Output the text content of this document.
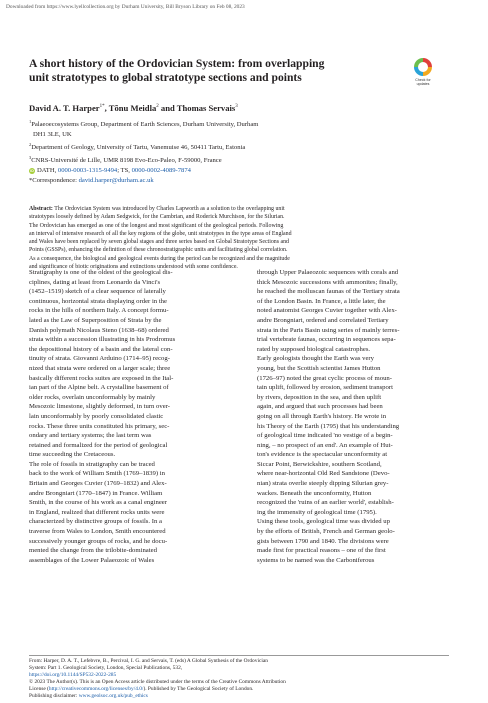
Downloaded from https://www.lyellcollection.org by Durham University, Bill Bryson Library on Feb 08, 2023
A short history of the Ordovician System: from overlapping
unit stratotypes to global stratotype sections and points	Check for
updates
David A. T. Harper$^{1*}$, Tõnu Meidla$^2$ and Thomas Servais$^3$
$^1$Palaeoecosystems Group, Department of Earth Sciences, Durham University, Durham
DH1 3LE, UK
$^2$Department of Geology, University of Tartu, Vanemuise 46, 50411 Tartu, Estonia
$^3$CNRS-Université de Lille, UMR 8198 Evo-Eco-Paleo, F-59000, France
iD DATH, 0000-0003-1315-9494; TS, 0000-0002-4089-7874
*Correspondence: david.harper@durham.ac.uk
Abstract: The Ordovician System was introduced by Charles Lapworth as a solution to the overlapping unit
stratotypes loosely defined by Adam Sedgwick, for the Cambrian, and Roderick Murchison, for the Silurian.
The Ordovician has emerged as one of the longest and most significant of the geological periods. Following
an interval of intensive research of all the key regions of the globe, unit stratotypes in the type areas of England
and Wales have been replaced by seven global stages and three series based on Global Stratotype Sections and
Points (GSSPs), enhancing the definition of these chronostratigraphic units and facilitating global correlation.
As a consequence, the biological and geological events during the period can be recognized and the magnitude
and significance of biotic originations and extinctions understood with some confidence.
Stratigraphy is one of the oldest of the geological dis-
ciplines, dating at least from Leonardo da Vinci's
(1452–1519) sketch of a clear sequence of laterally
continuous, horizontal strata displaying order in the
rocks in the hills of northern Italy. A concept formu-
lated as the Law of Superposition of Strata by the
Danish polymath Nicolaus Steno (1638–68) ordered
strata within a succession illustrating in his Prodromus
the depositional history of a basin and the lateral con-
tinuity of strata. Giovanni Arduino (1714–95) recog-
nized that strata were ordered on a larger scale; three
basically different rocks suites are exposed in the Ital-
ian part of the Alpine belt. A crystalline basement of
older rocks, overlain unconformably by mainly
Mesozoic limestone, slightly deformed, in turn over-
lain unconformably by poorly consolidated clastic
rocks. These three units constituted his primary, sec-
ondary and tertiary systems; the last term was
retained and formalized for the period of geological
time succeeding the Cretaceous.
The role of fossils in stratigraphy can be traced
back to the work of William Smith (1769–1839) in
Britain and Georges Cuvier (1769–1832) and Alex-
andre Brongniart (1770–1847) in France. William
Smith, in the course of his work as a canal engineer
in England, realized that different rocks units were
characterized by distinctive groups of fossils. In a
traverse from Wales to London, Smith encountered
successively younger groups of rocks, and he docu-
mented the change from the trilobite-dominated
assemblages of the Lower Palaeozoic of Wales
through Upper Palaeozoic sequences with corals and
thick Mesozoic successions with ammonites; finally,
he reached the molluscan faunas of the Tertiary strata
of the London Basin. In France, a little later, the
noted anatomist Georges Cuvier together with Alex-
andre Brongniart, ordered and correlated Tertiary
strata in the Paris Basin using series of mainly terres-
trial vertebrate faunas, occurring in sequences sepa-
rated by supposed biological catastrophes.
Early geologists thought the Earth was very
young, but the Scottish scientist James Hutton
(1726–97) noted the great cyclic process of moun-
tain uplift, followed by erosion, sediment transport
by rivers, deposition in the sea, and then uplift
again, and argued that such processes had been
going on all through Earth's history. He wrote in
his Theory of the Earth (1795) that his understanding
of geological time indicated 'no vestige of a begin-
ning, – no prospect of an end'. An example of Hut-
ton's evidence is the spectacular unconformity at
Siccar Point, Berwickshire, southern Scotland,
where near-horizontal Old Red Sandstone (Devo-
nian) strata overlie steeply dipping Silurian grey-
wackes. Beneath the unconformity, Hutton
recognized the 'ruins of an earlier world', establish-
ing the immensity of geological time (1795).
Using these tools, geological time was divided up
by the efforts of British, French and German geolo-
gists between 1790 and 1840. The divisions were
made first for practical reasons – one of the first
systems to be named was the Carboniferous
From: Harper, D. A. T., Lefebvre, B., Percival, I. G. and Servais, T. (eds) A Global Synthesis of the Ordovician
System: Part 1. Geological Society, London, Special Publications, 532,
https://doi.org/10.1144/SP532-2022-285
© 2023 The Author(s). This is an Open Access article distributed under the terms of the Creative Commons Attribution
License (http://creativecommons.org/licenses/by/4.0/). Published by The Geological Society of London.
Publishing disclaimer: www.geolsoc.org.uk/pub_ethics
